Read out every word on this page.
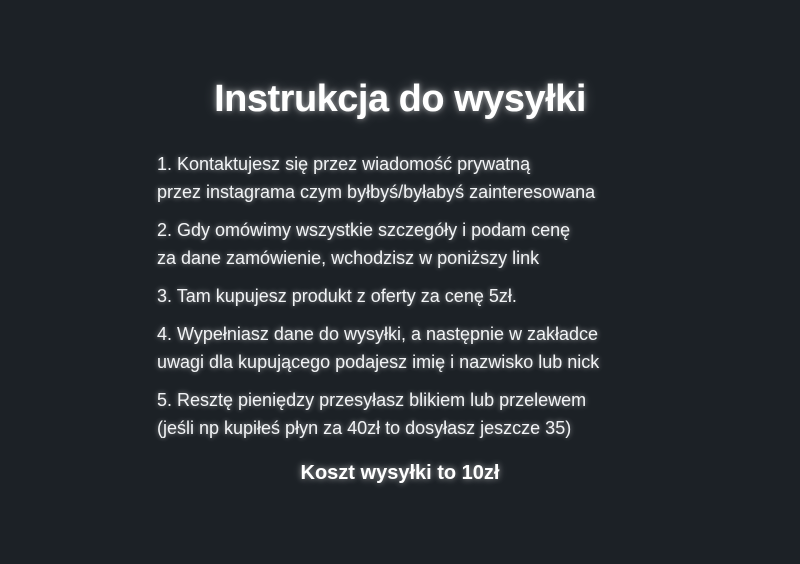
Instrukcja do wysyłki
1. Kontaktujesz się przez wiadomość prywatną
przez instagrama czym byłbyś/byłabyś zainteresowana
2. Gdy omówimy wszystkie szczegóły i podam cenę
za dane zamówienie, wchodzisz w poniższy link
3. Tam kupujesz produkt z oferty za cenę 5zł.
4. Wypełniasz dane do wysyłki, a następnie w zakładce
uwagi dla kupującego podajesz imię i nazwisko lub nick
5. Resztę pieniędzy przesyłasz blikiem lub przelewem
(jeśli np kupiłeś płyn za 40zł to dosyłasz jeszcze 35)
Koszt wysyłki to 10zł
